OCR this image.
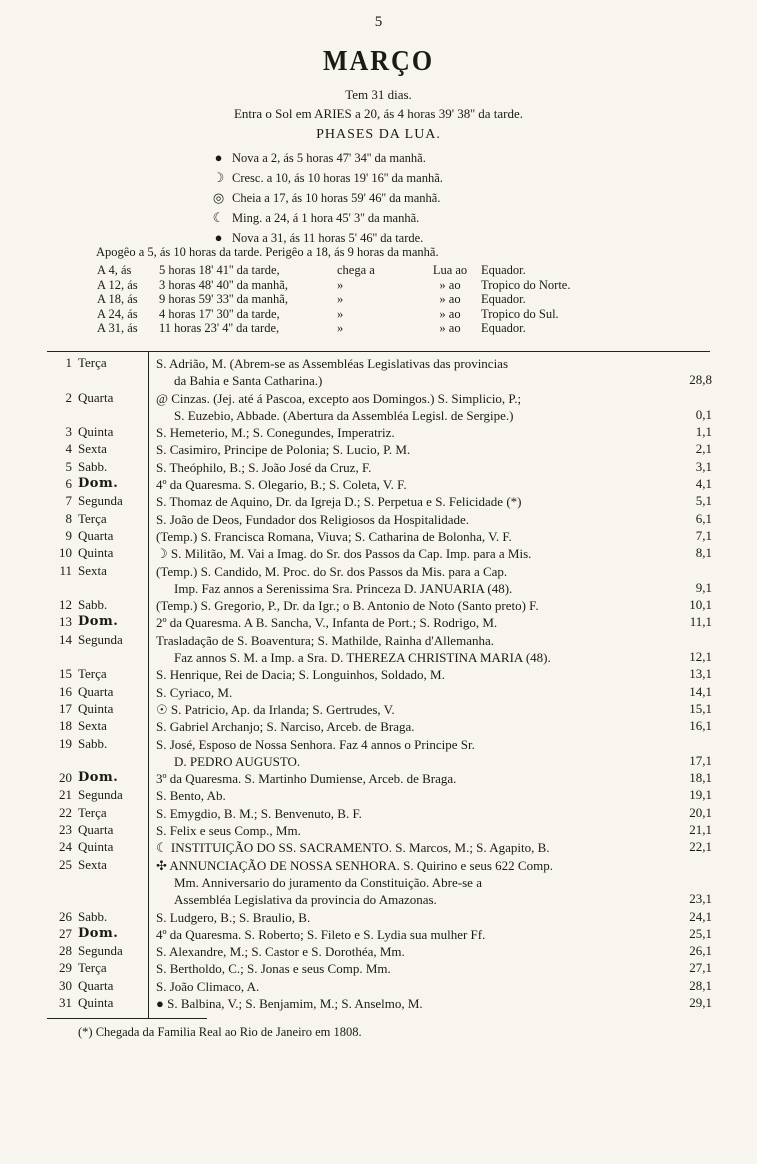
5
MARÇO
Tem 31 dias.
Entra o Sol em ARIES a 20, ás 4 horas 39' 38'' da tarde.
PHASES DA LUA.
● Nova a 2, ás 5 horas 47' 34'' da manhã.
☽ Cresc. a 10, ás 10 horas 19' 16'' da manhã.
◎ Cheia a 17, ás 10 horas 59' 46'' da manhã.
☾ Ming. a 24, á 1 hora 45' 3'' da manhã.
● Nova a 31, ás 11 horas 5' 46'' da tarde.
Apogêo a 5, ás 10 horas da tarde. Perigêo a 18, ás 9 horas da manhã.
A 4, ás 5 horas 18' 41'' da tarde,	chega a	Lua ao Equador.
A 12, ás 3 horas 48' 40'' da manhã,	»	» ao Tropico do Norte.
A 18, ás 9 horas 59' 33'' da manhã,	»	» ao Equador.
A 24, ás 4 horas 17' 30'' da tarde,	»	» ao Tropico do Sul.
A 31, ás 11 horas 23' 4'' da tarde,	»	» ao Equador.
1 Terça	S. Adrião, M. (Abrem-se as Assembléas Legislativas das provincias
da Bahia e Santa Catharina.)	28,8
2 Quarta	@ Cinzas. (Jej. até á Pascoa, excepto aos Domingos.) S. Simplicio, P.;
S. Euzebio, Abbade. (Abertura da Assembléa Legisl. de Sergipe.)	0,1
3 Quinta	S. Hemeterio, M.; S. Conegundes, Imperatriz.	1,1
4 Sexta	S. Casimiro, Principe de Polonia; S. Lucio, P. M.	2,1
5 Sabb.	S. Theóphilo, B.; S. João José da Cruz, F.	3,1
6 Dom.	4º da Quaresma. S. Olegario, B.; S. Coleta, V. F.	4,1
7 Segunda	S. Thomaz de Aquino, Dr. da Igreja D.; S. Perpetua e S. Felicidade (*)	5,1
8 Terça	S. João de Deos, Fundador dos Religiosos da Hospitalidade.	6,1
9 Quarta	(Temp.) S. Francisca Romana, Viuva; S. Catharina de Bolonha, V. F.	7,1
10 Quinta	☽ S. Militão, M. Vai a Imag. do Sr. dos Passos da Cap. Imp. para a Mis.	8,1
11 Sexta	(Temp.) S. Candido, M. Proc. do Sr. dos Passos da Mis. para a Cap.
Imp. Faz annos a Serenissima Sra. Princeza D. JANUARIA (48).	9,1
12 Sabb.	(Temp.) S. Gregorio, P., Dr. da Igr.; o B. Antonio de Noto (Santo preto) F.	10,1
13 Dom.	2º da Quaresma. A B. Sancha, V., Infanta de Port.; S. Rodrigo, M.	11,1
14 Segunda	Trasladação de S. Boaventura; S. Mathilde, Rainha d'Allemanha.
Faz annos S. M. a Imp. a Sra. D. THEREZA CHRISTINA MARIA (48).	12,1
15 Terça	S. Henrique, Rei de Dacia; S. Longuinhos, Soldado, M.	13,1
16 Quarta	S. Cyriaco, M.	14,1
17 Quinta	☉ S. Patricio, Ap. da Irlanda; S. Gertrudes, V.	15,1
18 Sexta	S. Gabriel Archanjo; S. Narciso, Arceb. de Braga.	16,1
19 Sabb.	S. José, Esposo de Nossa Senhora. Faz 4 annos o Principe Sr.
D. PEDRO AUGUSTO.	17,1
20 Dom.	3º da Quaresma. S. Martinho Dumiense, Arceb. de Braga.	18,1
21 Segunda	S. Bento, Ab.	19,1
22 Terça	S. Emygdio, B. M.; S. Benvenuto, B. F.	20,1
23 Quarta	S. Felix e seus Comp., Mm.	21,1
24 Quinta	☾ INSTITUIÇÃO DO SS. SACRAMENTO. S. Marcos, M.; S. Agapito, B.	22,1
25 Sexta	✣ ANNUNCIAÇÃO DE NOSSA SENHORA. S. Quirino e seus 622 Comp.
Mm. Anniversario do juramento da Constituição. Abre-se a
Assembléa Legislativa da provincia do Amazonas.	23,1
26 Sabb.	S. Ludgero, B.; S. Braulio, B.	24,1
27 Dom.	4º da Quaresma. S. Roberto; S. Fileto e S. Lydia sua mulher Ff.	25,1
28 Segunda	S. Alexandre, M.; S. Castor e S. Dorothéa, Mm.	26,1
29 Terça	S. Bertholdo, C.; S. Jonas e seus Comp. Mm.	27,1
30 Quarta	S. João Climaco, A.	28,1
31 Quinta	● S. Balbina, V.; S. Benjamim, M.; S. Anselmo, M.	29,1
(*) Chegada da Familia Real ao Rio de Janeiro em 1808.
